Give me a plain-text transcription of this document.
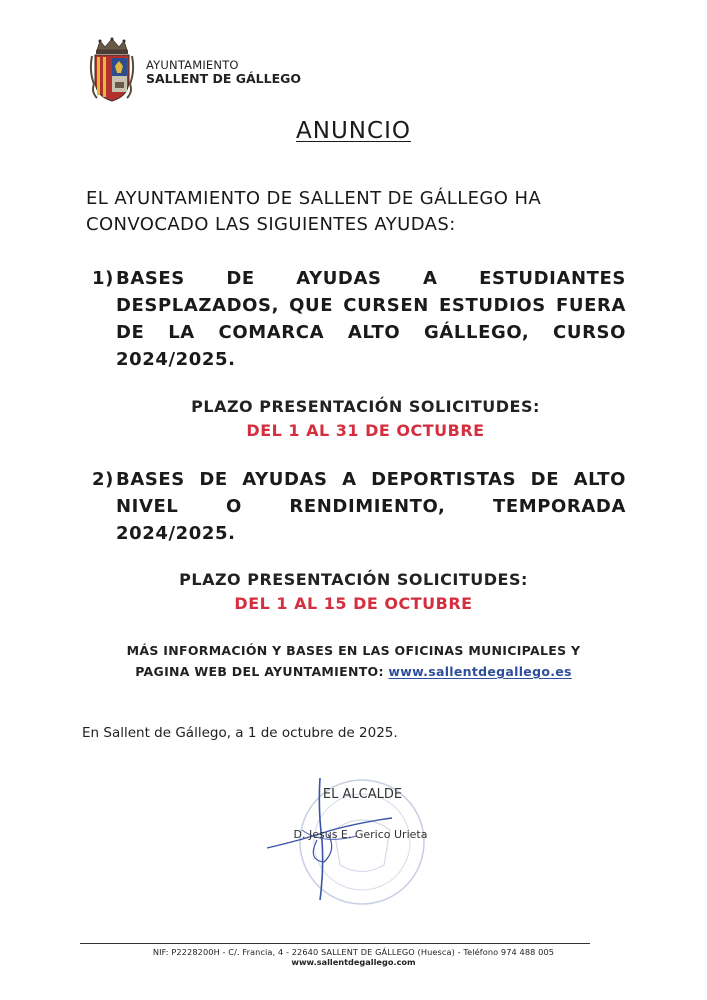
AYUNTAMIENTO
SALLENT DE GÁLLEGO
ANUNCIO
EL AYUNTAMIENTO DE SALLENT DE GÁLLEGO HA CONVOCADO LAS SIGUIENTES AYUDAS:
1) BASES DE AYUDAS A ESTUDIANTES DESPLAZADOS, QUE CURSEN ESTUDIOS FUERA DE LA COMARCA ALTO GÁLLEGO, CURSO 2024/2025.
PLAZO PRESENTACIÓN SOLICITUDES:
DEL 1 AL 31 DE OCTUBRE
2) BASES DE AYUDAS A DEPORTISTAS DE ALTO NIVEL O RENDIMIENTO, TEMPORADA 2024/2025.
PLAZO PRESENTACIÓN SOLICITUDES:
DEL 1 AL 15 DE OCTUBRE
MÁS INFORMACIÓN Y BASES EN LAS OFICINAS MUNICIPALES Y
PAGINA WEB DEL AYUNTAMIENTO: www.sallentdegallego.es
En Sallent de Gállego, a 1 de octubre de 2025.
EL ALCALDE
D. Jesus E. Gerico Urieta
NIF: P2228200H - C/. Francia, 4 - 22640 SALLENT DE GÁLLEGO (Huesca) - Teléfono 974 488 005
www.sallentdegallego.com
